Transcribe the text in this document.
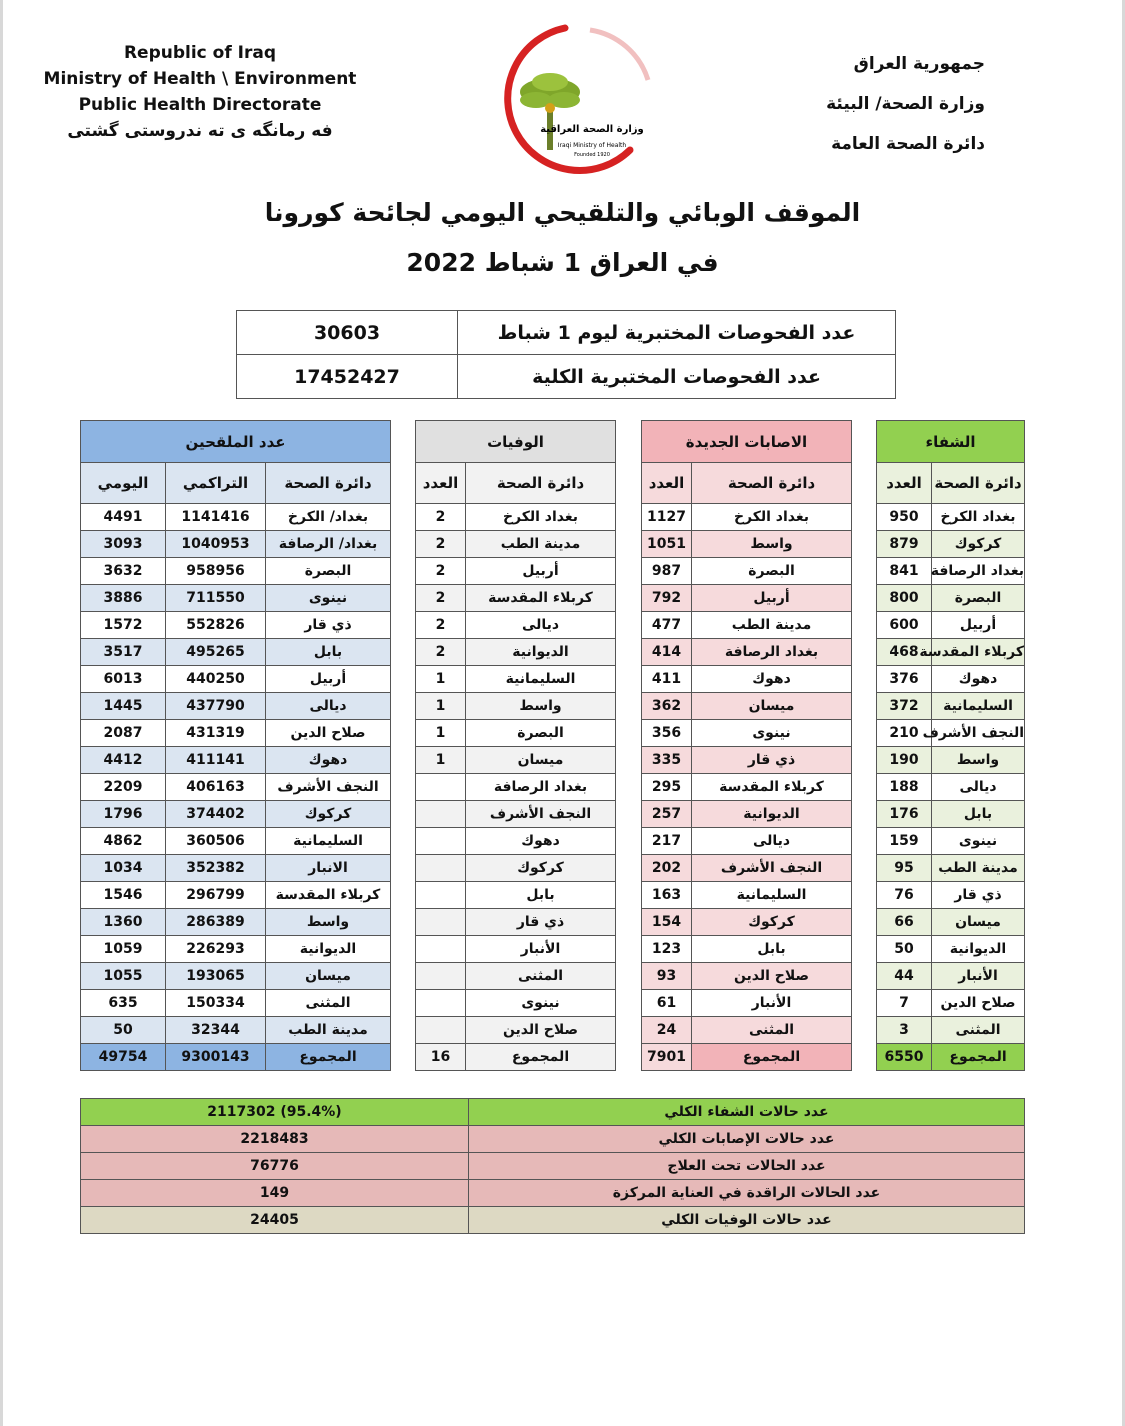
Republic of Iraq
Ministry of Health \ Environment
Public Health Directorate
فه رمانگه ی ته ندروستی گشتی	وزارة الصحة العراقية
Iraqi Ministry of Health
Founded 1920
جمهورية العراق
وزارة الصحة/ البيئة
دائرة الصحة العامة
الموقف الوبائي والتلقيحي اليومي لجائحة كورونا
في العراق 1 شباط 2022
30603	عدد الفحوصات المختبرية ليوم 1 شباط
17452427	عدد الفحوصات المختبرية الكلية
عدد الملقحين				الوفيات			الاصابات الجديدة			الشفاء	
اليومي	التراكمي	دائرة الصحة		العدد	دائرة الصحة		العدد	دائرة الصحة		العدد	دائرة الصحة
4491	1141416	بغداد/ الكرخ		2	بغداد الكرخ		1127	بغداد الكرخ		950	بغداد الكرخ
3093	1040953	بغداد/ الرصافة		2	مدينة الطب		1051	واسط		879	كركوك
3632	958956	البصرة		2	أربيل		987	البصرة		841	بغداد الرصافة
3886	711550	نينوى		2	كربلاء المقدسة		792	أربيل		800	البصرة
1572	552826	ذي قار		2	ديالى		477	مدينة الطب		600	أربيل
3517	495265	بابل		2	الديوانية		414	بغداد الرصافة		468	كربلاء المقدسة
6013	440250	أربيل		1	السليمانية		411	دهوك		376	دهوك
1445	437790	ديالى		1	واسط		362	ميسان		372	السليمانية
2087	431319	صلاح الدين		1	البصرة		356	نينوى		210	النجف الأشرف
4412	411141	دهوك		1	ميسان		335	ذي قار		190	واسط
2209	406163	النجف الأشرف			بغداد الرصافة		295	كربلاء المقدسة		188	ديالى
1796	374402	كركوك			النجف الأشرف		257	الديوانية		176	بابل
4862	360506	السليمانية			دهوك		217	ديالى		159	نينوى
1034	352382	الانبار			كركوك		202	النجف الأشرف		95	مدينة الطب
1546	296799	كربلاء المقدسة			بابل		163	السليمانية		76	ذي قار
1360	286389	واسط			ذي قار		154	كركوك		66	ميسان
1059	226293	الديوانية			الأنبار		123	بابل		50	الديوانية
1055	193065	ميسان			المثنى		93	صلاح الدين		44	الأنبار
635	150334	المثنى			نينوى		61	الأنبار		7	صلاح الدين
50	32344	مدينة الطب			صلاح الدين		24	المثنى		3	المثنى
49754	9300143	المجموع		16	المجموع		7901	المجموع		6550	المجموع
2117302 (95.4%)	عدد حالات الشفاء الكلي
2218483	عدد حالات الإصابات الكلي
76776	عدد الحالات تحت العلاج
149	عدد الحالات الراقدة في العناية المركزة
24405	عدد حالات الوفيات الكلي
